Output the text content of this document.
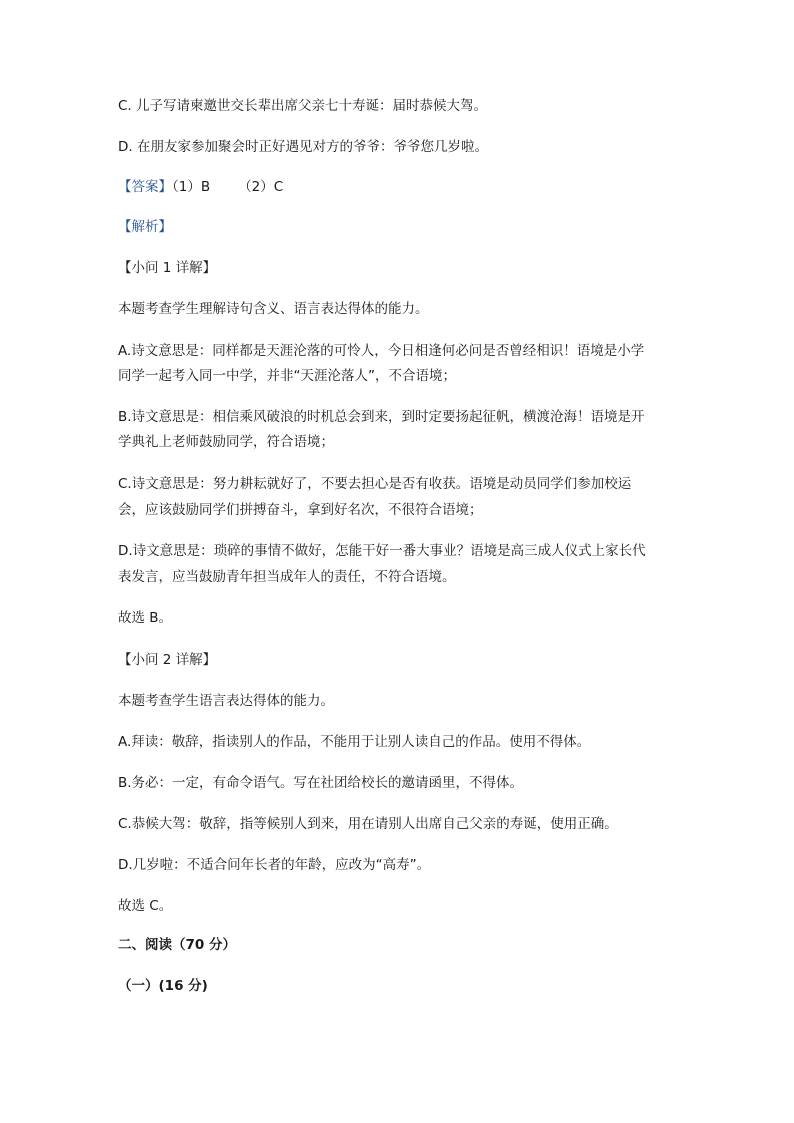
C. 儿子写请柬邀世交长辈出席父亲七十寿诞：届时恭候大驾。
D. 在朋友家参加聚会时正好遇见对方的爷爷：爷爷您几岁啦。
【答案】（1）B （2）C
【解析】
【小问 1 详解】
本题考查学生理解诗句含义、语言表达得体的能力。
A.诗文意思是：同样都是天涯沦落的可怜人，今日相逢何必问是否曾经相识！语境是小学
同学一起考入同一中学，并非“天涯沦落人”，不合语境；
B.诗文意思是：相信乘风破浪的时机总会到来，到时定要扬起征帆，横渡沧海！语境是开
学典礼上老师鼓励同学，符合语境；
C.诗文意思是：努力耕耘就好了，不要去担心是否有收获。语境是动员同学们参加校运
会，应该鼓励同学们拼搏奋斗，拿到好名次，不很符合语境；
D.诗文意思是：琐碎的事情不做好，怎能干好一番大事业？语境是高三成人仪式上家长代
表发言，应当鼓励青年担当成年人的责任，不符合语境。
故选 B。
【小问 2 详解】
本题考查学生语言表达得体的能力。
A.拜读：敬辞，指读别人的作品，不能用于让别人读自己的作品。使用不得体。
B.务必：一定，有命令语气。写在社团给校长的邀请函里，不得体。
C.恭候大驾：敬辞，指等候别人到来，用在请别人出席自己父亲的寿诞，使用正确。
D.几岁啦：不适合问年长者的年龄，应改为“高寿”。
故选 C。
二、阅读（70 分）
（一）(16 分)
